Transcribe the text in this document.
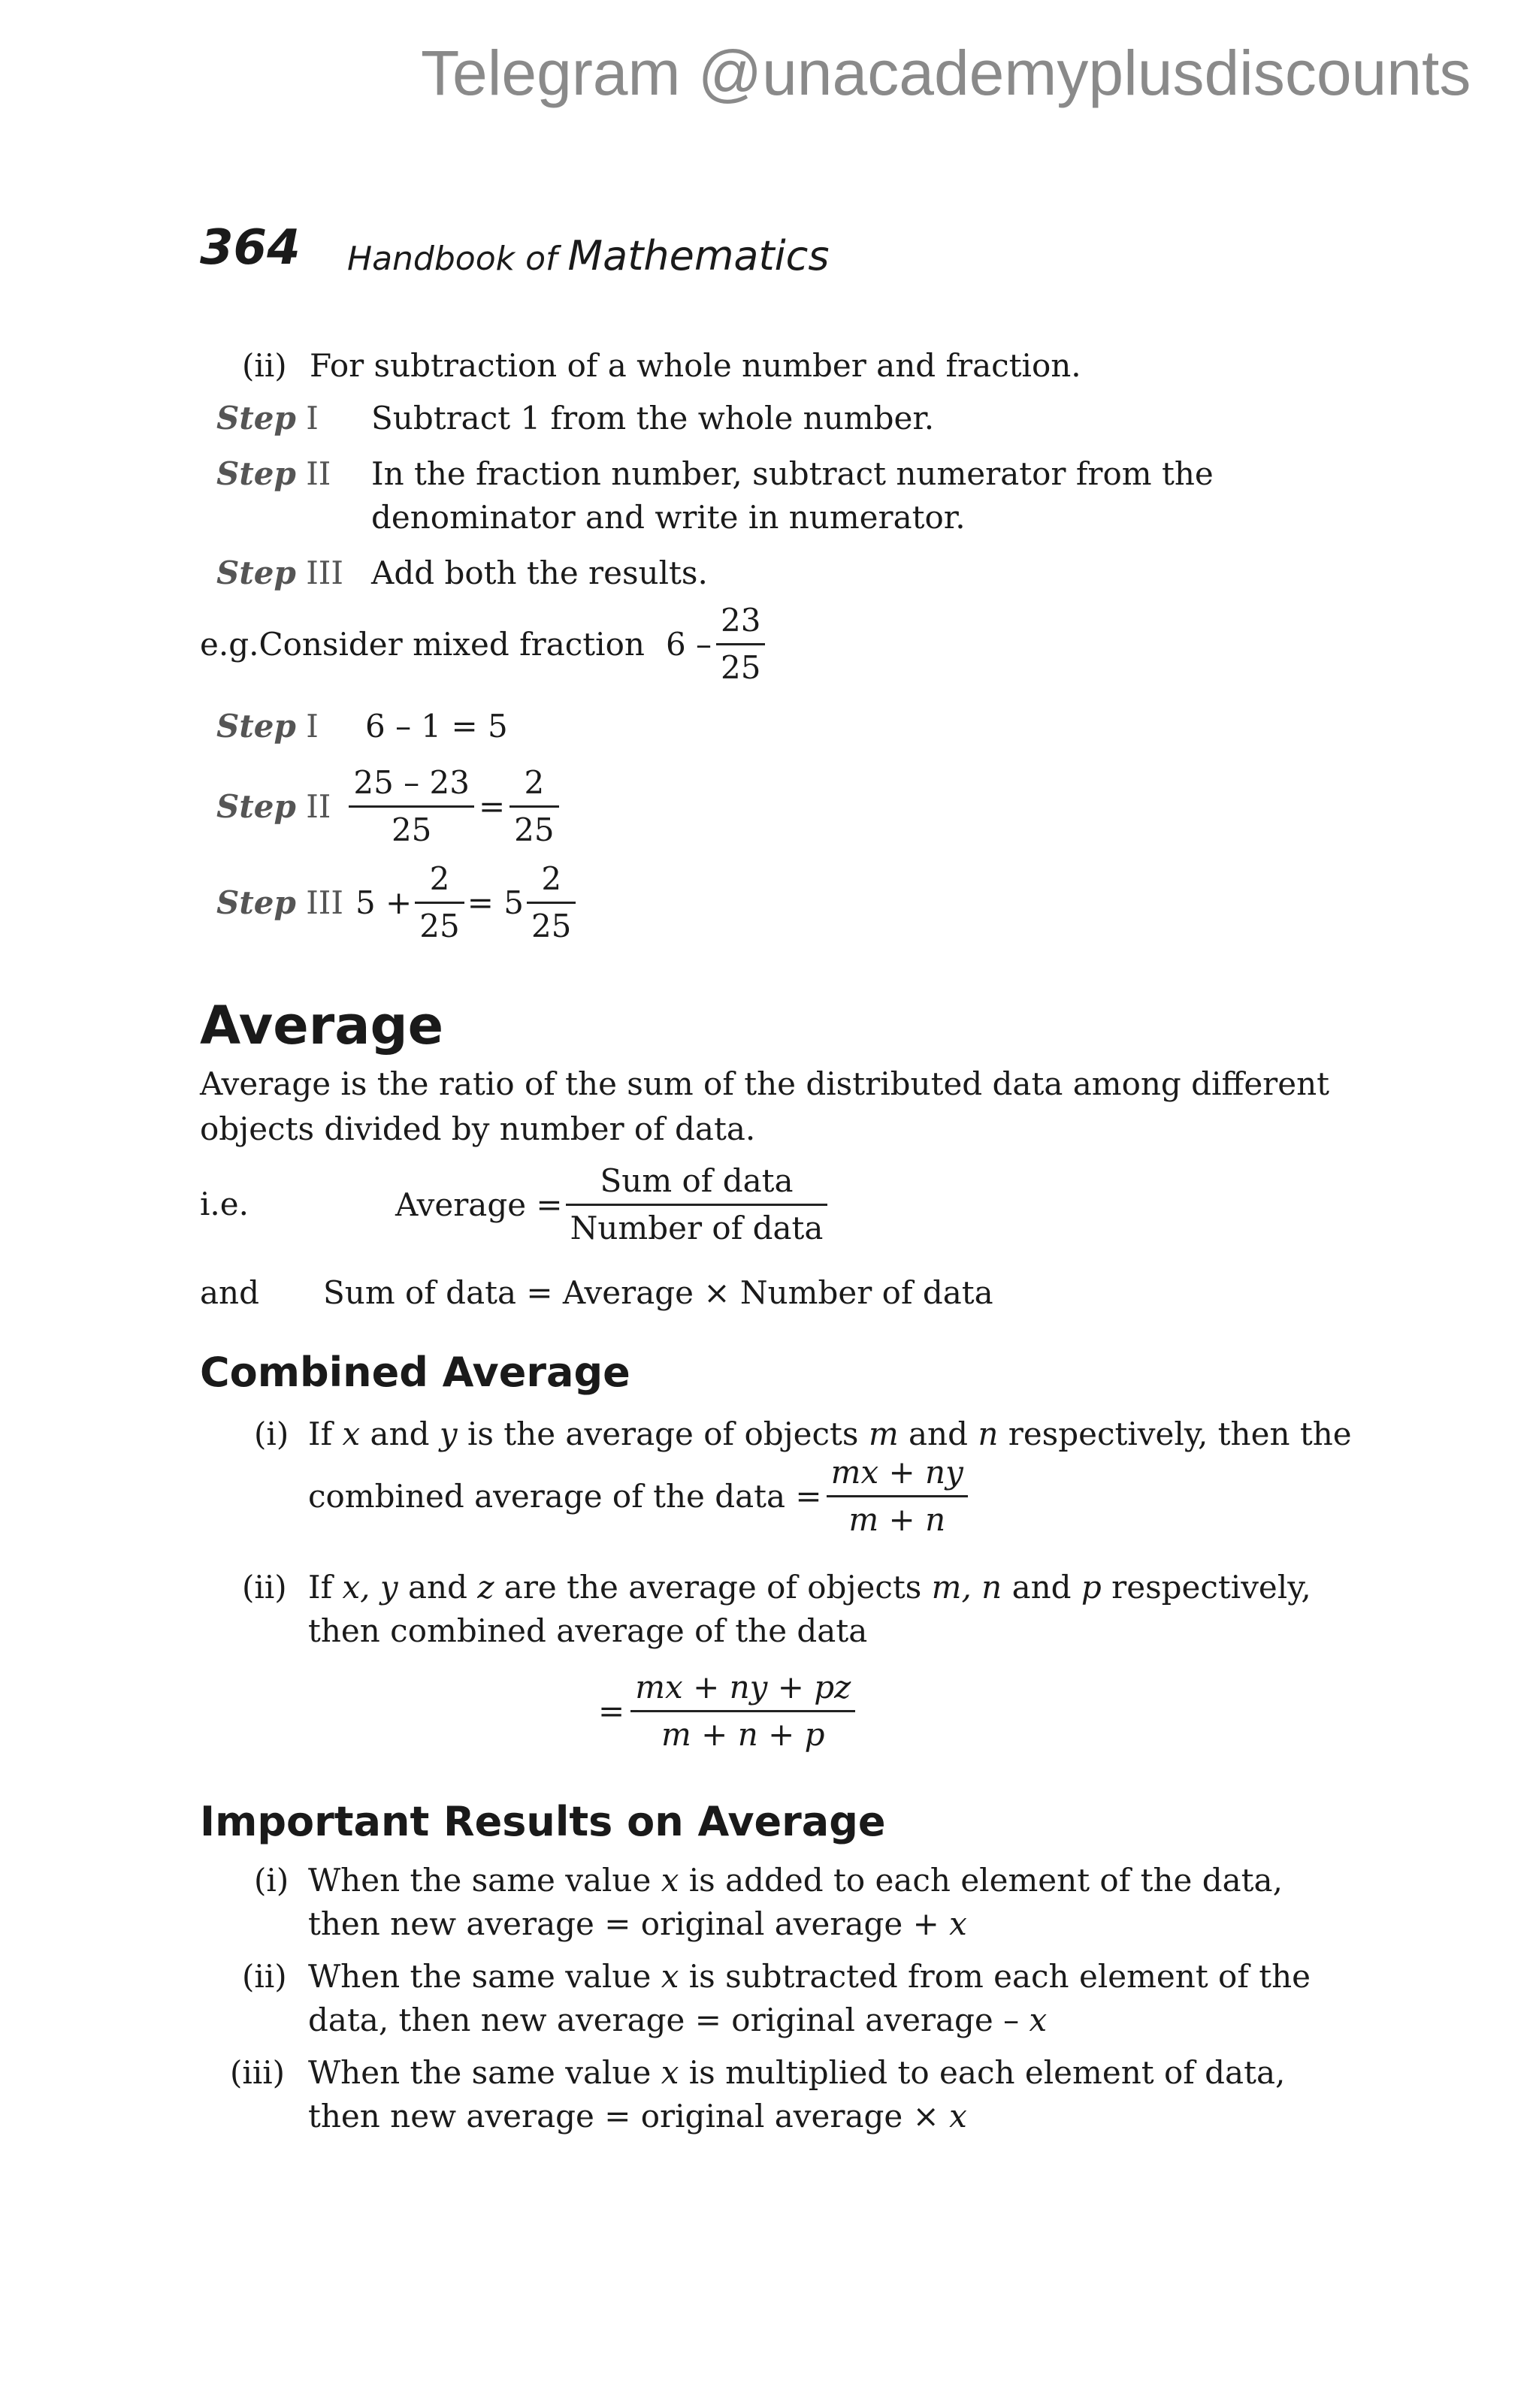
Telegram @unacademyplusdiscounts
364 Handbook of Mathematics
(ii) For subtraction of a whole number and fraction.
Step I Subtract 1 from the whole number.
Step II In the fraction number, subtract numerator from the
denominator and write in numerator.
Step III Add both the results.
e.g.Consider mixed fraction $6 - \frac{23}{25}$
Step I 6 – 1 = 5
Step II $\frac{25 - 23}{25} = \frac{2}{25}$
Step III $5 + \frac{2}{25} = 5 \frac{2}{25}$
Average
Average is the ratio of the sum of the distributed data among different
objects divided by number of data.
i.e.	Average = $\frac{\text{Sum of data}}{\text{Number of data}}$
and Sum of data = Average × Number of data
Combined Average
(i) If x and y is the average of objects m and n respectively, then the
combined average of the data = $\frac{mx + ny}{m + n}$
(ii) If x, y and z are the average of objects m, n and p respectively,
then combined average of the data
= $\frac{mx + ny + pz}{m + n + p}$
Important Results on Average
(i) When the same value x is added to each element of the data,
then new average = original average + x
(ii) When the same value x is subtracted from each element of the
data, then new average = original average – x
(iii) When the same value x is multiplied to each element of data,
then new average = original average × x
